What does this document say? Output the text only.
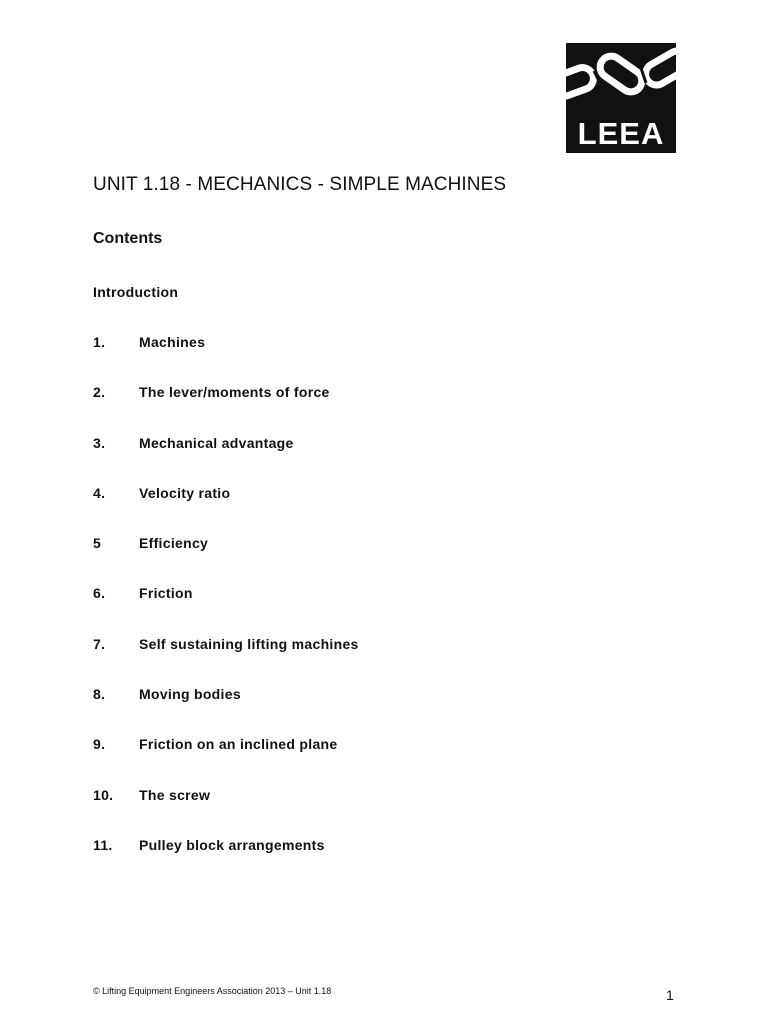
LEEA
UNIT 1.18 - MECHANICS - SIMPLE MACHINES
Contents
Introduction
1. Machines
2. The lever/moments of force
3. Mechanical advantage
4. Velocity ratio
5	Efficiency
6. Friction
7. Self sustaining lifting machines
8. Moving bodies
9. Friction on an inclined plane
10. The screw
11. Pulley block arrangements
© Lifting Equipment Engineers Association 2013 – Unit 1.18	1
